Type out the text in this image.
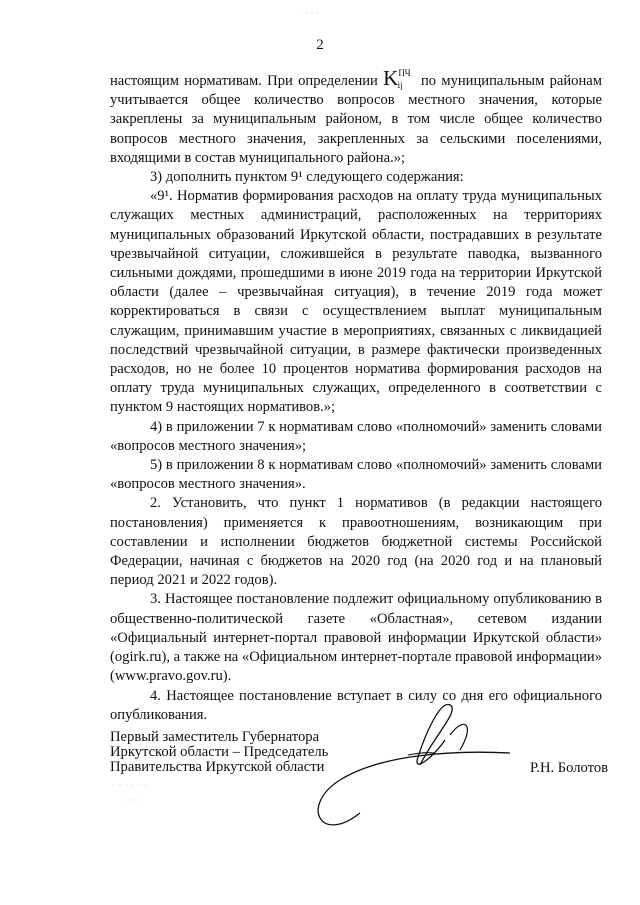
2

настоящим нормативам. При определении $K^{ПЧ}ij$ по муниципальным районам учитывается общее количество вопросов местного значения, которые закреплены за муниципальным районом, в том числе общее количество вопросов местного значения, закрепленных за сельскими поселениями, входящими в состав муниципального района.»;

3) дополнить пунктом 9¹ следующего содержания:

«9¹. Норматив формирования расходов на оплату труда муниципальных служащих местных администраций, расположенных на территориях муниципальных образований Иркутской области, пострадавших в результате чрезвычайной ситуации, сложившейся в результате паводка, вызванного сильными дождями, прошедшими в июне 2019 года на территории Иркутской области (далее – чрезвычайная ситуация), в течение 2019 года может корректироваться в связи с осуществлением выплат муниципальным служащим, принимавшим участие в мероприятиях, связанных с ликвидацией последствий чрезвычайной ситуации, в размере фактически произведенных расходов, но не более 10 процентов норматива формирования расходов на оплату труда муниципальных служащих, определенного в соответствии с пунктом 9 настоящих нормативов.»;

4) в приложении 7 к нормативам слово «полномочий» заменить словами «вопросов местного значения»;

5) в приложении 8 к нормативам слово «полномочий» заменить словами «вопросов местного значения».

2. Установить, что пункт 1 нормативов (в редакции настоящего постановления) применяется к правоотношениям, возникающим при составлении и исполнении бюджетов бюджетной системы Российской Федерации, начиная с бюджетов на 2020 год (на 2020 год и на плановый период 2021 и 2022 годов).

3. Настоящее постановление подлежит официальному опубликованию в общественно-политической газете «Областная», сетевом издании «Официальный интернет-портал правовой информации Иркутской области» (ogirk.ru), а также на «Официальном интернет-портале правовой информации» (www.pravo.gov.ru).

4. Настоящее постановление вступает в силу со дня его официального опубликования.

Первый заместитель Губернатора
Иркутской области – Председатель
Правительства Иркутской области	Р.Н. Болотов
· · · ·
· ·· · · ·· ·
· ·· ·
